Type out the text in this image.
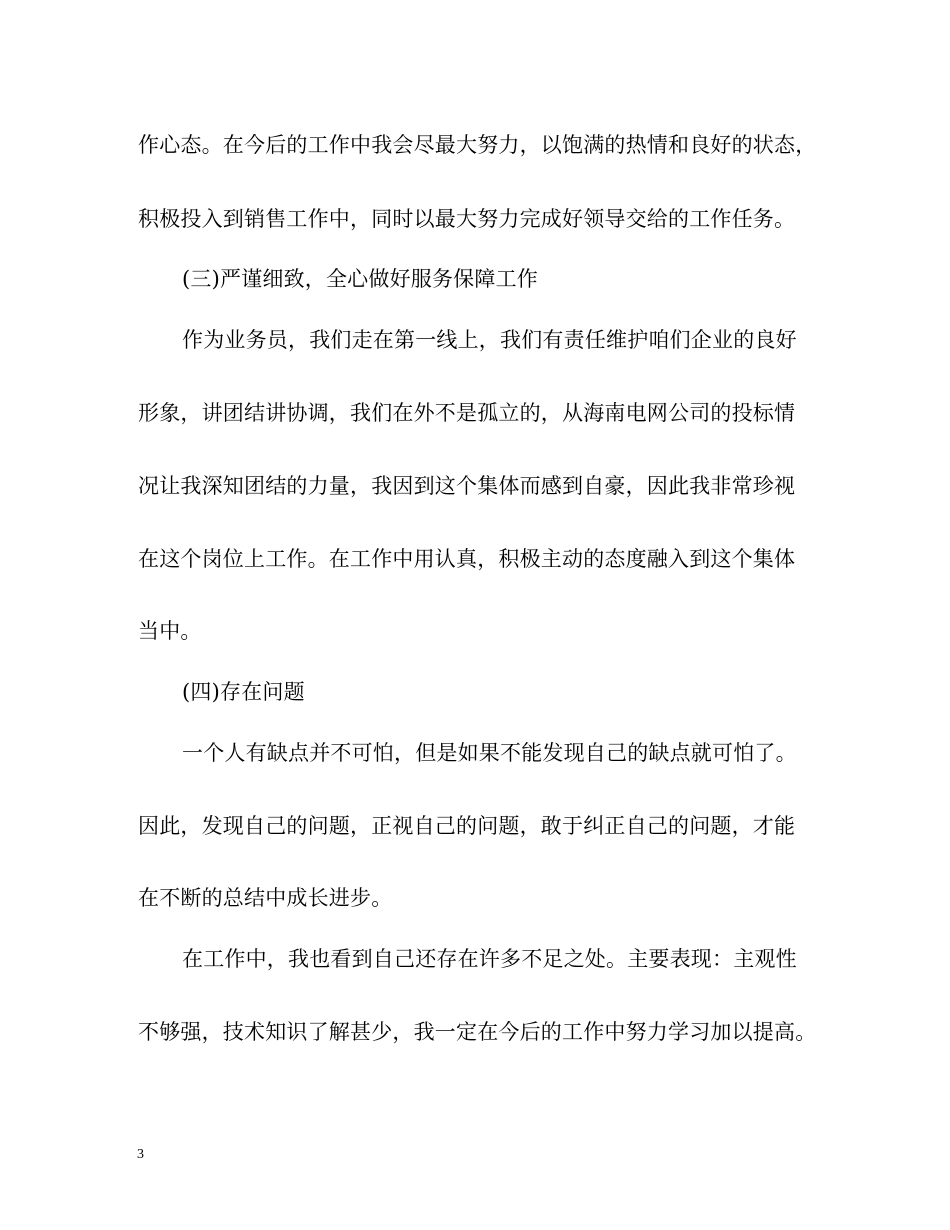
作心态。在今后的工作中我会尽最大努力，以饱满的热情和良好的状态，
积极投入到销售工作中，同时以最大努力完成好领导交给的工作任务。
(三)严谨细致，全心做好服务保障工作
作为业务员，我们走在第一线上，我们有责任维护咱们企业的良好
形象，讲团结讲协调，我们在外不是孤立的，从海南电网公司的投标情
况让我深知团结的力量，我因到这个集体而感到自豪，因此我非常珍视
在这个岗位上工作。在工作中用认真，积极主动的态度融入到这个集体
当中。
(四)存在问题
一个人有缺点并不可怕，但是如果不能发现自己的缺点就可怕了。
因此，发现自己的问题，正视自己的问题，敢于纠正自己的问题，才能
在不断的总结中成长进步。
在工作中，我也看到自己还存在许多不足之处。主要表现：主观性
不够强，技术知识了解甚少，我一定在今后的工作中努力学习加以提高。
3
